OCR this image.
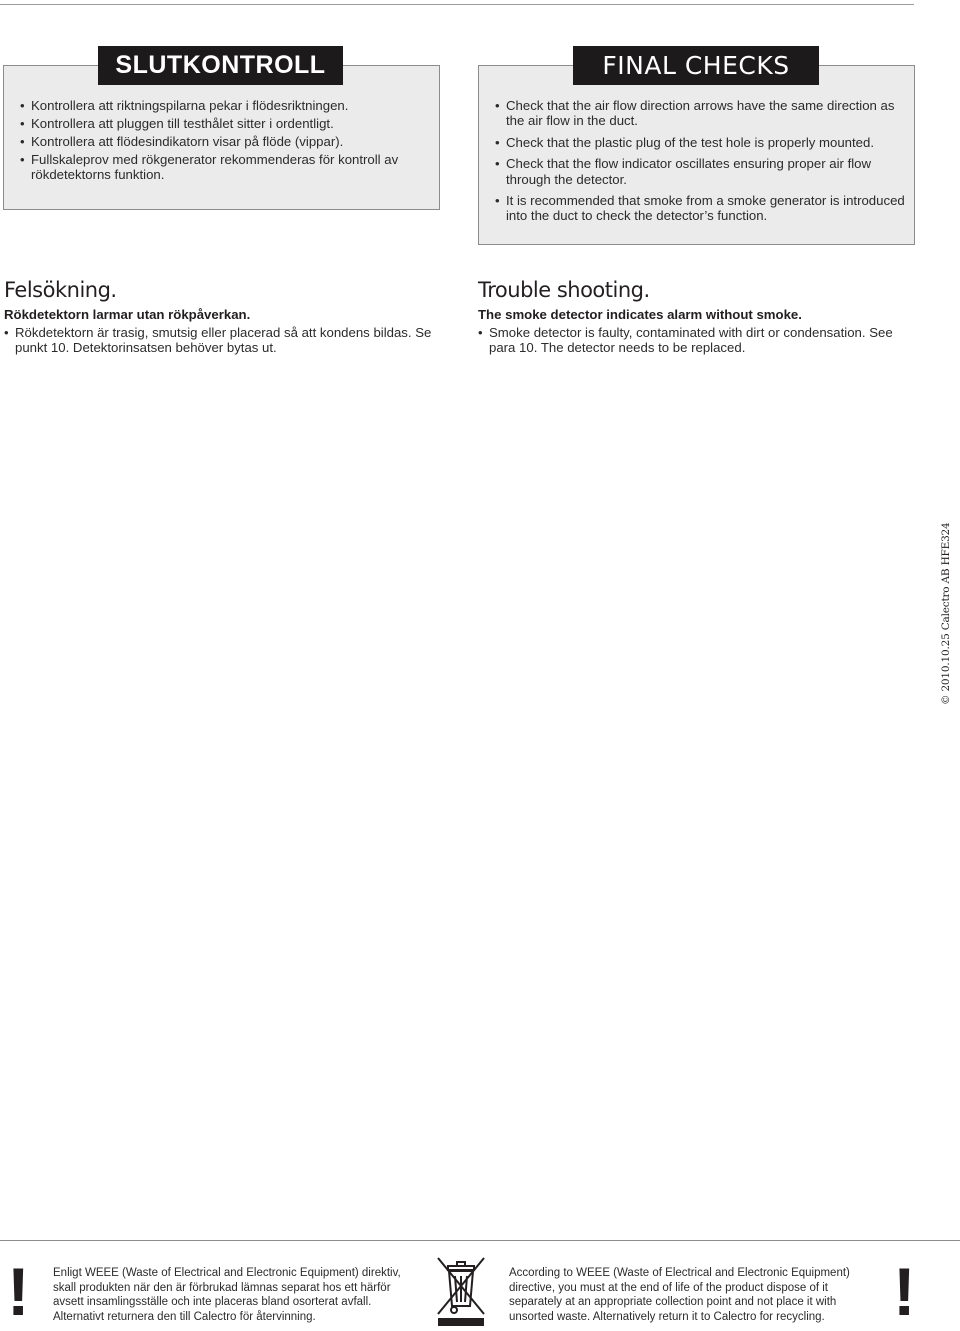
SLUTKONTROLL
• Kontrollera att riktningspilarna pekar i flödesriktningen.
• Kontrollera att pluggen till testhålet sitter i ordentligt.
• Kontrollera att flödesindikatorn visar på flöde (vippar).
• Fullskaleprov med rökgenerator rekommenderas för kontroll av rökdetektorns funktion.
FINAL CHECKS
• Check that the air flow direction arrows have the same direction as the air flow in the duct.
• Check that the plastic plug of the test hole is properly mounted.
• Check that the flow indicator oscillates ensuring proper air flow through the detector.
• It is recommended that smoke from a smoke generator is introduced into the duct to check the detector’s function.
Felsökning.
Rökdetektorn larmar utan rökpåverkan.
• Rökdetektorn är trasig, smutsig eller placerad så att kondens bildas. Se punkt 10. Detektorinsatsen behöver bytas ut.
Trouble shooting.
The smoke detector indicates alarm without smoke.
• Smoke detector is faulty, contaminated with dirt or condensation. See para 10. The detector needs to be replaced.
© 2010.10.25 Calectro AB HFE324
! Enligt WEEE (Waste of Electrical and Electronic Equipment) direktiv, skall produkten när den är förbrukad lämnas separat hos ett härför avsett insamlingsställe och inte placeras bland osorterat avfall. Alternativt returnera den till Calectro för återvinning.
According to WEEE (Waste of Electrical and Electronic Equipment) directive, you must at the end of life of the product dispose of it separately at an appropriate collection point and not place it with unsorted waste. Alternatively return it to Calectro for recycling.	!
